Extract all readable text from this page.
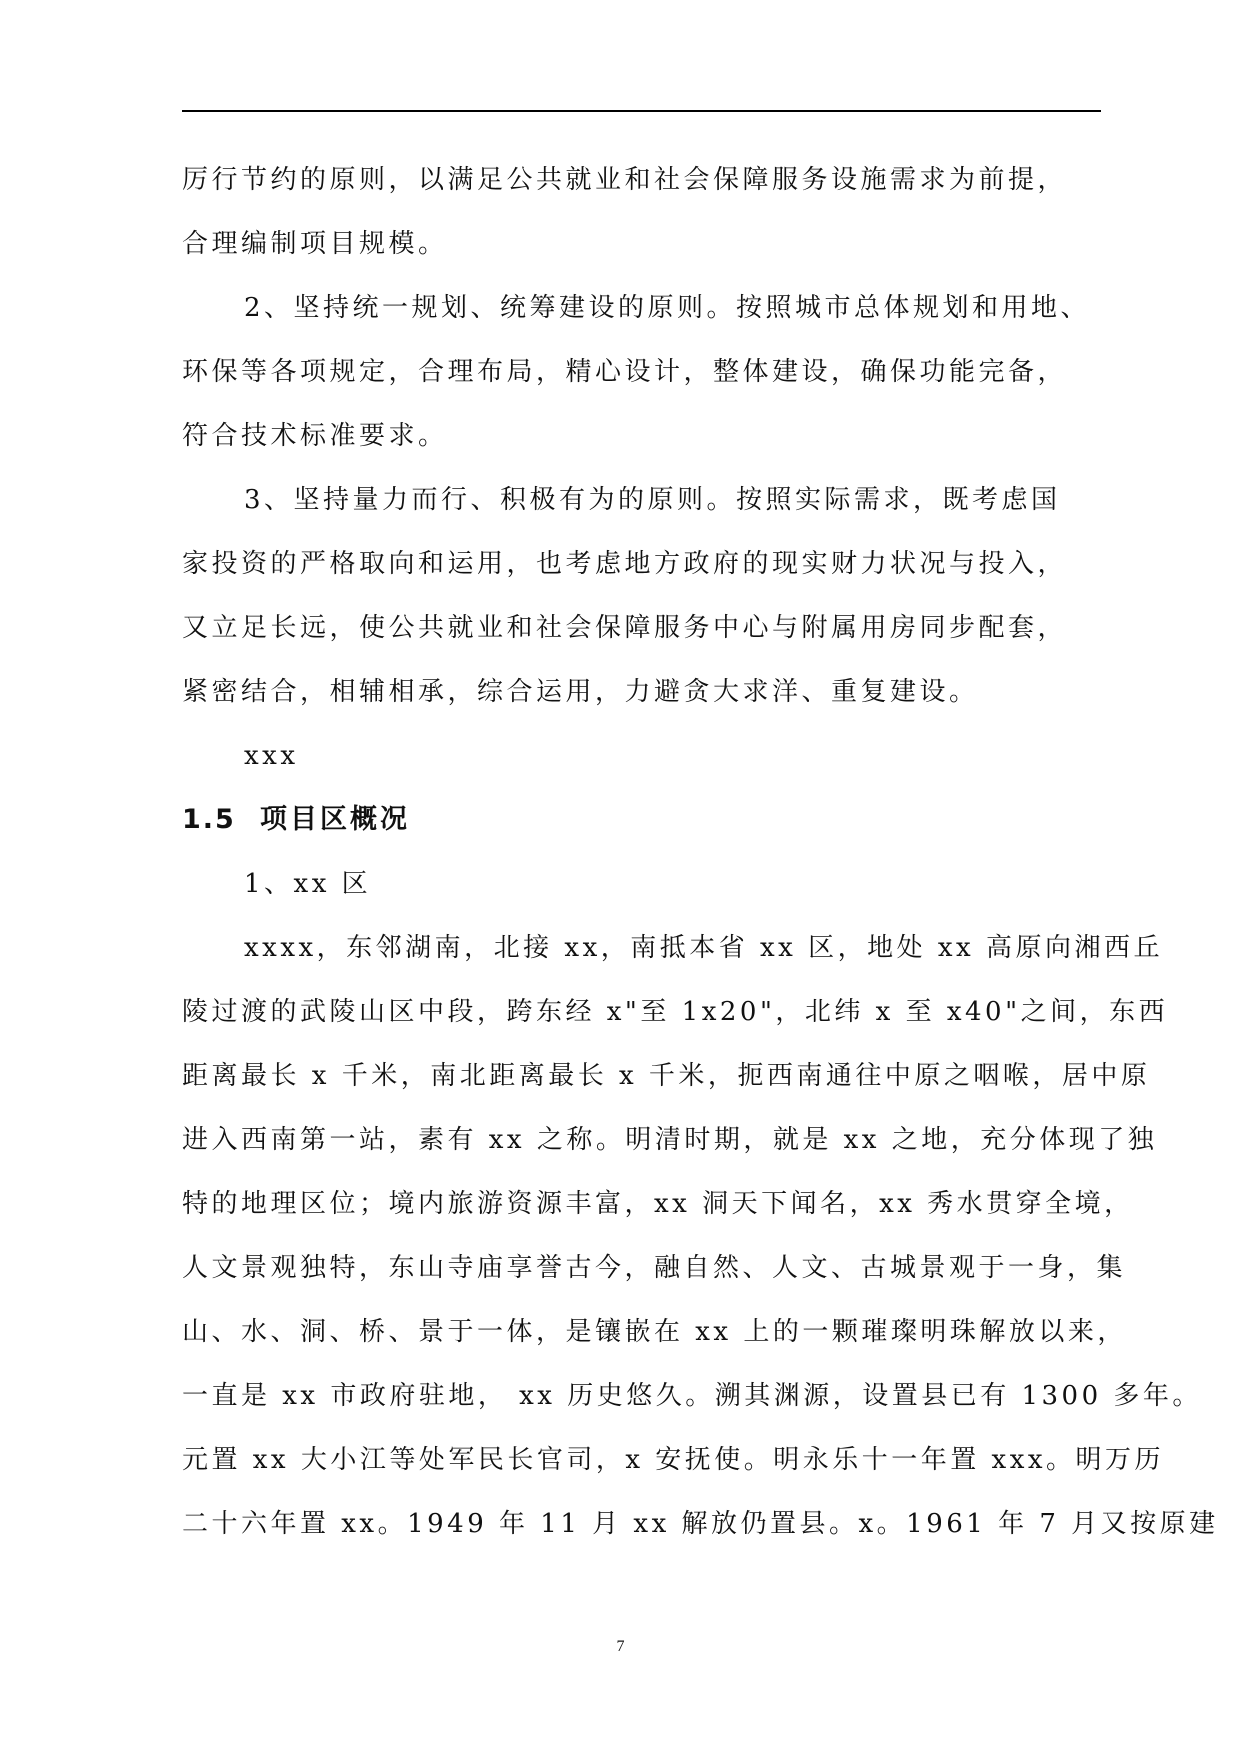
厉行节约的原则，以满足公共就业和社会保障服务设施需求为前提，
合理编制项目规模。
2、坚持统一规划、统筹建设的原则。按照城市总体规划和用地、
环保等各项规定，合理布局，精心设计，整体建设，确保功能完备，
符合技术标准要求。
3、坚持量力而行、积极有为的原则。按照实际需求，既考虑国
家投资的严格取向和运用，也考虑地方政府的现实财力状况与投入，
又立足长远，使公共就业和社会保障服务中心与附属用房同步配套，
紧密结合，相辅相承，综合运用，力避贪大求洋、重复建设。
xxx
1.5 项目区概况
1、xx 区
xxxx，东邻湖南，北接 xx，南抵本省 xx 区，地处 xx 高原向湘西丘
陵过渡的武陵山区中段，跨东经 x"至 1x20"，北纬 x 至 x40"之间，东西
距离最长 x 千米，南北距离最长 x 千米，扼西南通往中原之咽喉，居中原
进入西南第一站，素有 xx 之称。明清时期，就是 xx 之地，充分体现了独
特的地理区位；境内旅游资源丰富，xx 洞天下闻名，xx 秀水贯穿全境，
人文景观独特，东山寺庙享誉古今，融自然、人文、古城景观于一身，集
山、水、洞、桥、景于一体，是镶嵌在 xx 上的一颗璀璨明珠解放以来，
一直是 xx 市政府驻地， xx 历史悠久。溯其渊源，设置县已有 1300 多年。
元置 xx 大小江等处军民长官司，x 安抚使。明永乐十一年置 xxx。明万历
二十六年置 xx。1949 年 11 月 xx 解放仍置县。x。1961 年 7 月又按原建
7
